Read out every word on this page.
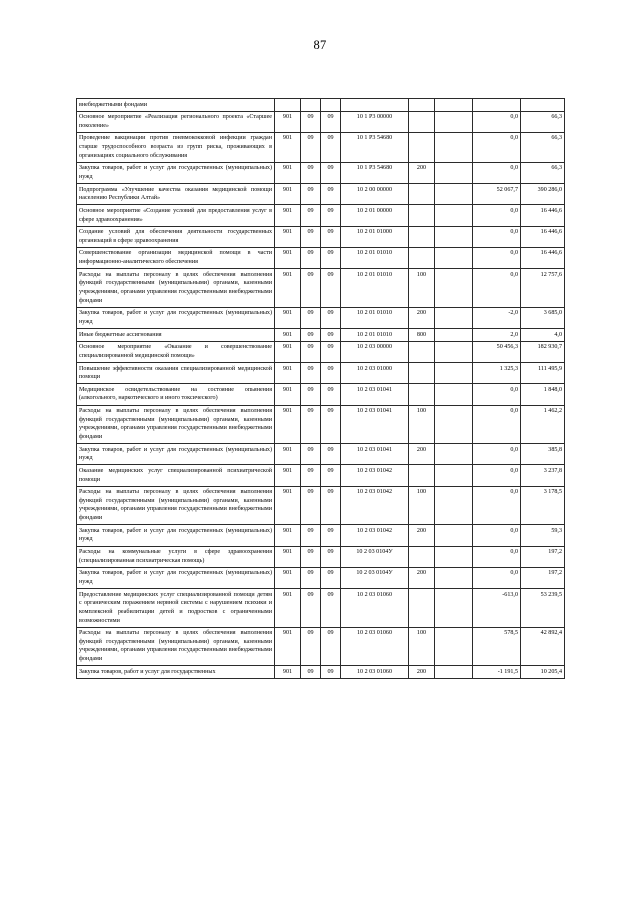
87
внебюджетными фондами								
Основное мероприятие «Реализация регионального проекта «Старшее поколение»	901	09	09	10 1 P3 00000			0,0	66,3
Проведение вакцинации против пневмококковой инфекции граждан старше трудоспособного возраста из групп риска, проживающих в организациях социального обслуживания	901	09	09	10 1 P3 54680			0,0	66,3
Закупка товаров, работ и услуг для государственных (муниципальных) нужд	901	09	09	10 1 P3 54680	200		0,0	66,3
Подпрограмма «Улучшение качества оказания медицинской помощи населению Республики Алтай»	901	09	09	10 2 00 00000			52 067,7	390 286,0
Основное мероприятие «Создание условий для предоставления услуг в сфере здравоохранения»	901	09	09	10 2 01 00000			0,0	16 446,6
Создание условий для обеспечения деятельности государственных организаций в сфере здравоохранения	901	09	09	10 2 01 01000			0,0	16 446,6
Совершенствование организации медицинской помощи в части информационно-аналитического обеспечения	901	09	09	10 2 01 01010			0,0	16 446,6
Расходы на выплаты персоналу в целях обеспечения выполнения функций государственными (муниципальными) органами, казенными учреждениями, органами управления государственными внебюджетными фондами	901	09	09	10 2 01 01010	100		0,0	12 757,6
Закупка товаров, работ и услуг для государственных (муниципальных) нужд	901	09	09	10 2 01 01010	200		-2,0	3 685,0
Иные бюджетные ассигнования	901	09	09	10 2 01 01010	800		2,0	4,0
Основное мероприятие «Оказание и совершенствование специализированной медицинской помощи»	901	09	09	10 2 03 00000			50 456,3	182 930,7
Повышение эффективности оказания специализированной медицинской помощи	901	09	09	10 2 03 01000			1 325,3	111 495,9
Медицинское освидетельствование на состояние опьянения (алкогольного, наркотического и иного токсического)	901	09	09	10 2 03 01041			0,0	1 848,0
Расходы на выплаты персоналу в целях обеспечения выполнения функций государственными (муниципальными) органами, казенными учреждениями, органами управления государственными внебюджетными фондами	901	09	09	10 2 03 01041	100		0,0	1 462,2
Закупка товаров, работ и услуг для государственных (муниципальных) нужд	901	09	09	10 2 03 01041	200		0,0	385,8
Оказание медицинских услуг специализированной психиатрической помощи	901	09	09	10 2 03 01042			0,0	3 237,8
Расходы на выплаты персоналу в целях обеспечения выполнения функций государственными (муниципальными) органами, казенными учреждениями, органами управления государственными внебюджетными фондами	901	09	09	10 2 03 01042	100		0,0	3 178,5
Закупка товаров, работ и услуг для государственных (муниципальных) нужд	901	09	09	10 2 03 01042	200		0,0	59,3
Расходы на коммунальные услуги в сфере здравоохранения (специализированная психиатрическая помощь)	901	09	09	10 2 03 0104У			0,0	197,2
Закупка товаров, работ и услуг для государственных (муниципальных) нужд	901	09	09	10 2 03 0104У	200		0,0	197,2
Предоставление медицинских услуг специализированной помощи детям с органическим поражением нервной системы с нарушением психики и комплексной реабилитации детей и подростков с ограниченными возможностями	901	09	09	10 2 03 01060			-613,0	53 239,5
Расходы на выплаты персоналу в целях обеспечения выполнения функций государственными (муниципальными) органами, казенными учреждениями, органами управления государственными внебюджетными фондами	901	09	09	10 2 03 01060	100		578,5	42 892,4
Закупка товаров, работ и услуг для государственных	901	09	09	10 2 03 01060	200		-1 191,5	10 205,4
